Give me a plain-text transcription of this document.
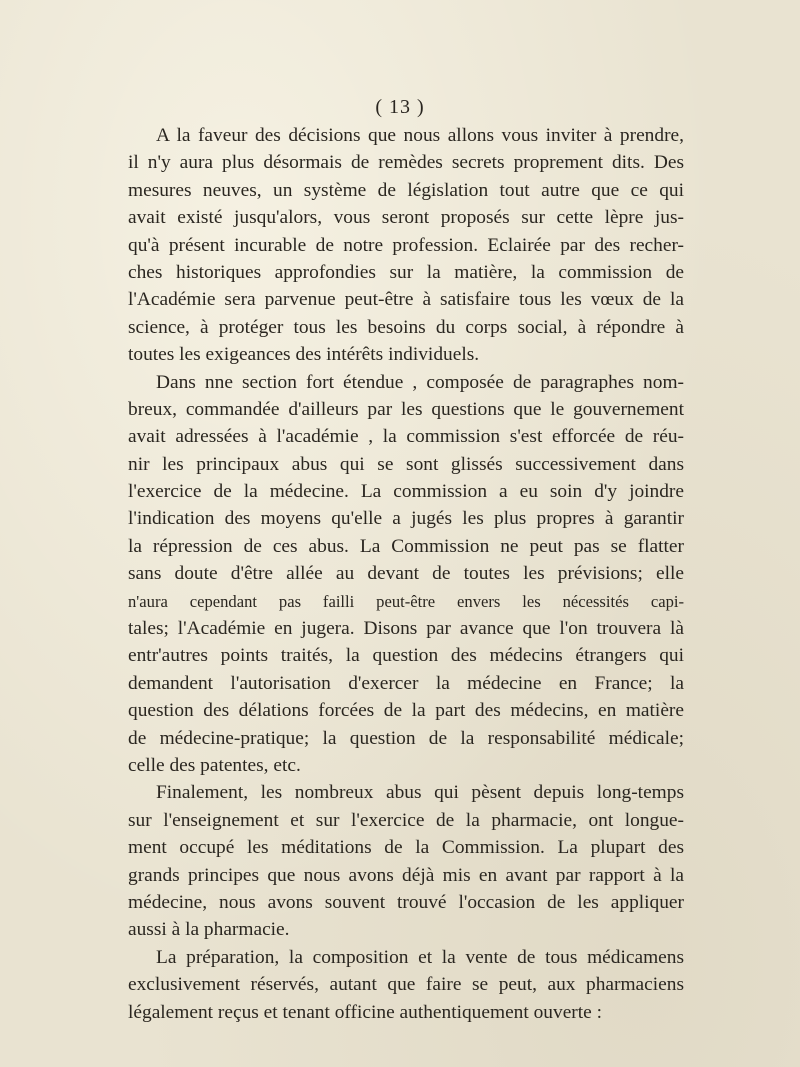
( 13 )
A la faveur des décisions que nous allons vous inviter à prendre,
il n'y aura plus désormais de remèdes secrets proprement dits. Des
mesures neuves, un système de législation tout autre que ce qui
avait existé jusqu'alors, vous seront proposés sur cette lèpre jus-
qu'à présent incurable de notre profession. Eclairée par des recher-
ches historiques approfondies sur la matière, la commission de
l'Académie sera parvenue peut-être à satisfaire tous les vœux de la
science, à protéger tous les besoins du corps social, à répondre à
toutes les exigeances des intérêts individuels.
Dans nne section fort étendue , composée de paragraphes nom-
breux, commandée d'ailleurs par les questions que le gouvernement
avait adressées à l'académie , la commission s'est efforcée de réu-
nir les principaux abus qui se sont glissés successivement dans
l'exercice de la médecine. La commission a eu soin d'y joindre
l'indication des moyens qu'elle a jugés les plus propres à garantir
la répression de ces abus. La Commission ne peut pas se flatter
sans doute d'être allée au devant de toutes les prévisions; elle
n'aura cependant pas failli peut-être envers les nécessités capi-
tales; l'Académie en jugera. Disons par avance que l'on trouvera là
entr'autres points traités, la question des médecins étrangers qui
demandent l'autorisation d'exercer la médecine en France; la
question des délations forcées de la part des médecins, en matière
de médecine-pratique; la question de la responsabilité médicale;
celle des patentes, etc.
Finalement, les nombreux abus qui pèsent depuis long-temps
sur l'enseignement et sur l'exercice de la pharmacie, ont longue-
ment occupé les méditations de la Commission. La plupart des
grands principes que nous avons déjà mis en avant par rapport à la
médecine, nous avons souvent trouvé l'occasion de les appliquer
aussi à la pharmacie.
La préparation, la composition et la vente de tous médicamens
exclusivement réservés, autant que faire se peut, aux pharmaciens
légalement reçus et tenant officine authentiquement ouverte :
